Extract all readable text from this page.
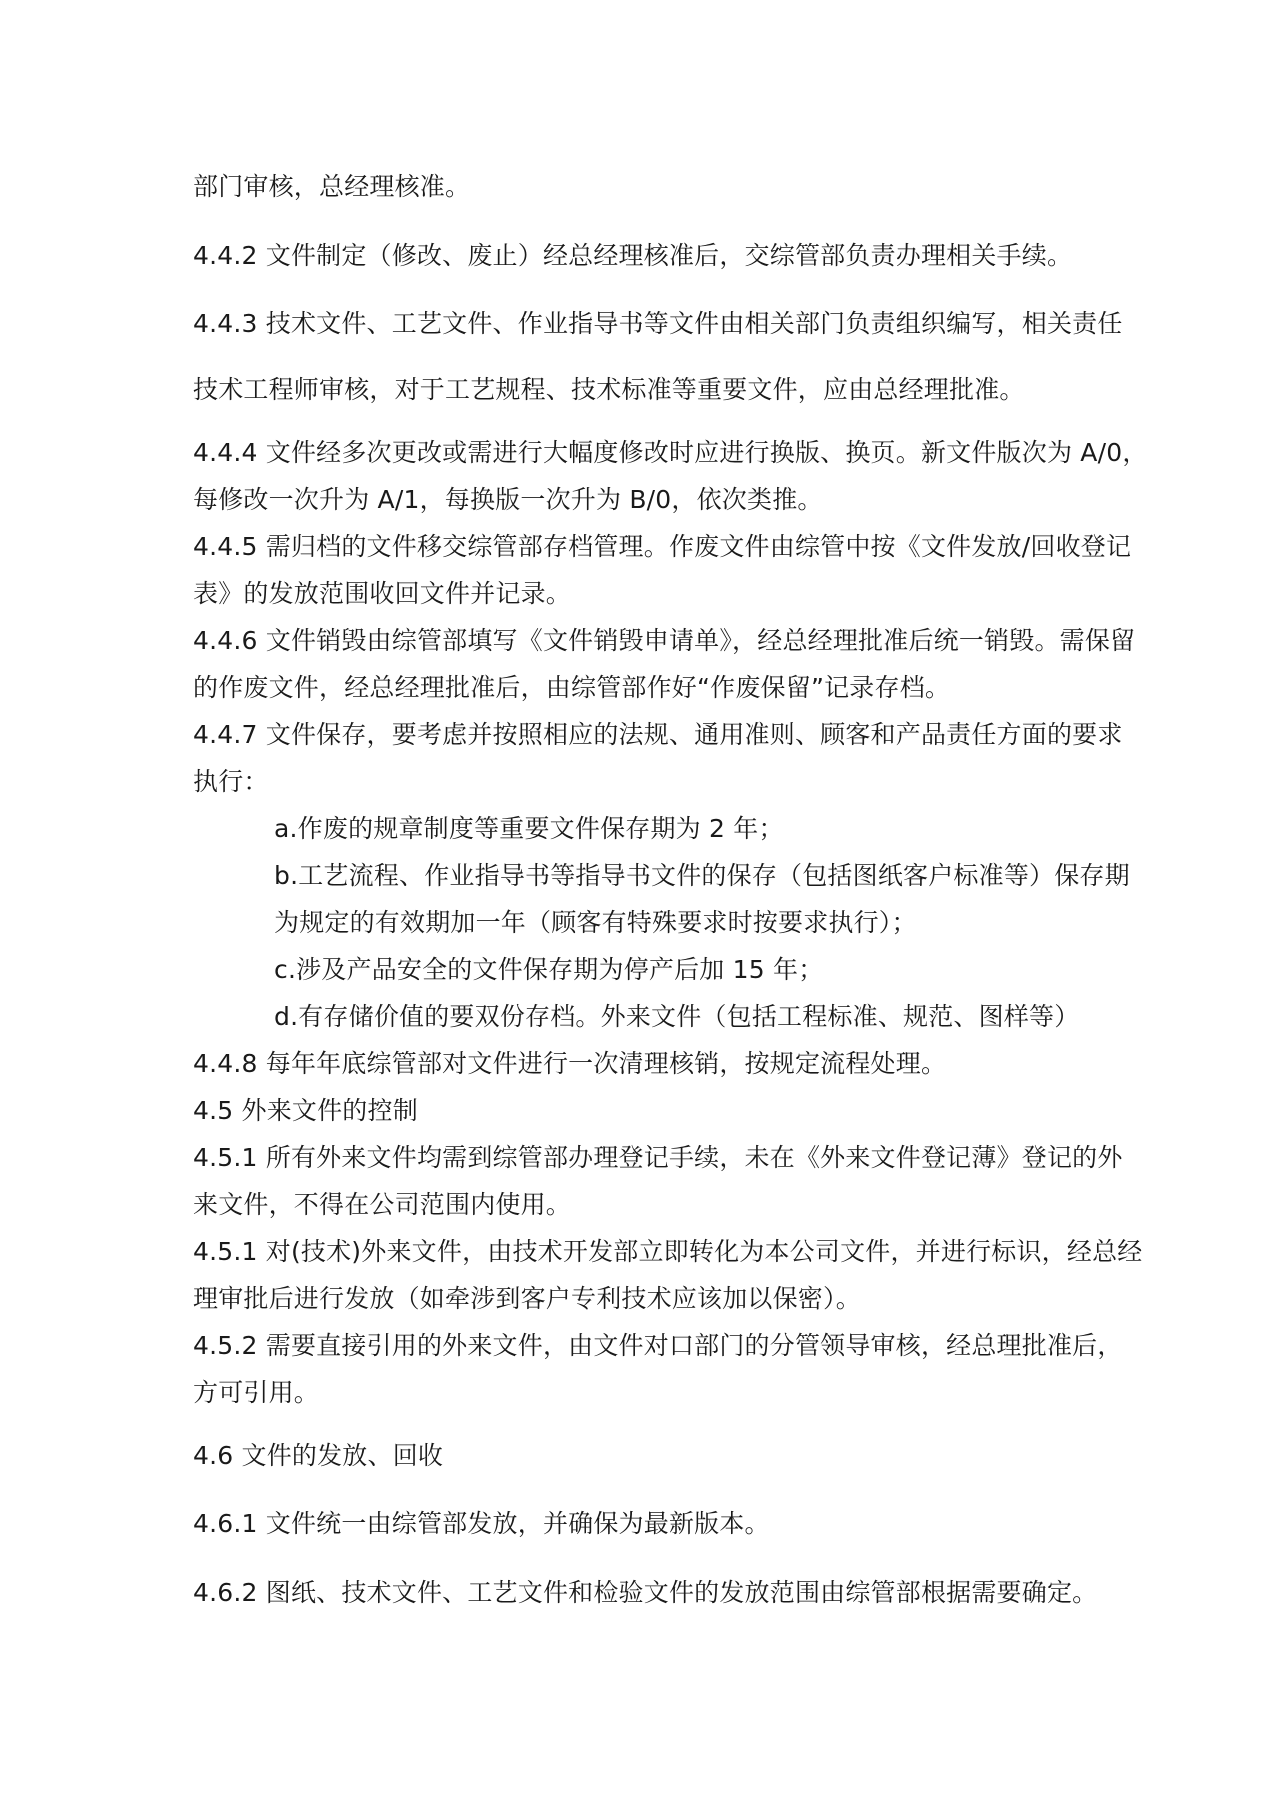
部门审核，总经理核准。
4.4.2 文件制定（修改、废止）经总经理核准后，交综管部负责办理相关手续。
4.4.3 技术文件、工艺文件、作业指导书等文件由相关部门负责组织编写，相关责任
技术工程师审核，对于工艺规程、技术标准等重要文件，应由总经理批准。
4.4.4 文件经多次更改或需进行大幅度修改时应进行换版、换页。新文件版次为 A/0，
每修改一次升为 A/1，每换版一次升为 B/0，依次类推。
4.4.5 需归档的文件移交综管部存档管理。作废文件由综管中按《文件发放/回收登记
表》的发放范围收回文件并记录。
4.4.6 文件销毁由综管部填写《文件销毁申请单》，经总经理批准后统一销毁。需保留
的作废文件，经总经理批准后，由综管部作好“作废保留”记录存档。
4.4.7 文件保存，要考虑并按照相应的法规、通用准则、顾客和产品责任方面的要求
执行：
a.作废的规章制度等重要文件保存期为 2 年；
b.工艺流程、作业指导书等指导书文件的保存（包括图纸客户标准等）保存期
为规定的有效期加一年（顾客有特殊要求时按要求执行）；
c.涉及产品安全的文件保存期为停产后加 15 年；
d.有存储价值的要双份存档。外来文件（包括工程标准、规范、图样等）
4.4.8 每年年底综管部对文件进行一次清理核销，按规定流程处理。
4.5 外来文件的控制
4.5.1 所有外来文件均需到综管部办理登记手续，未在《外来文件登记薄》登记的外
来文件，不得在公司范围内使用。
4.5.1 对(技术)外来文件，由技术开发部立即转化为本公司文件，并进行标识，经总经
理审批后进行发放（如牵涉到客户专利技术应该加以保密）。
4.5.2 需要直接引用的外来文件，由文件对口部门的分管领导审核，经总理批准后，
方可引用。
4.6 文件的发放、回收
4.6.1 文件统一由综管部发放，并确保为最新版本。
4.6.2 图纸、技术文件、工艺文件和检验文件的发放范围由综管部根据需要确定。
